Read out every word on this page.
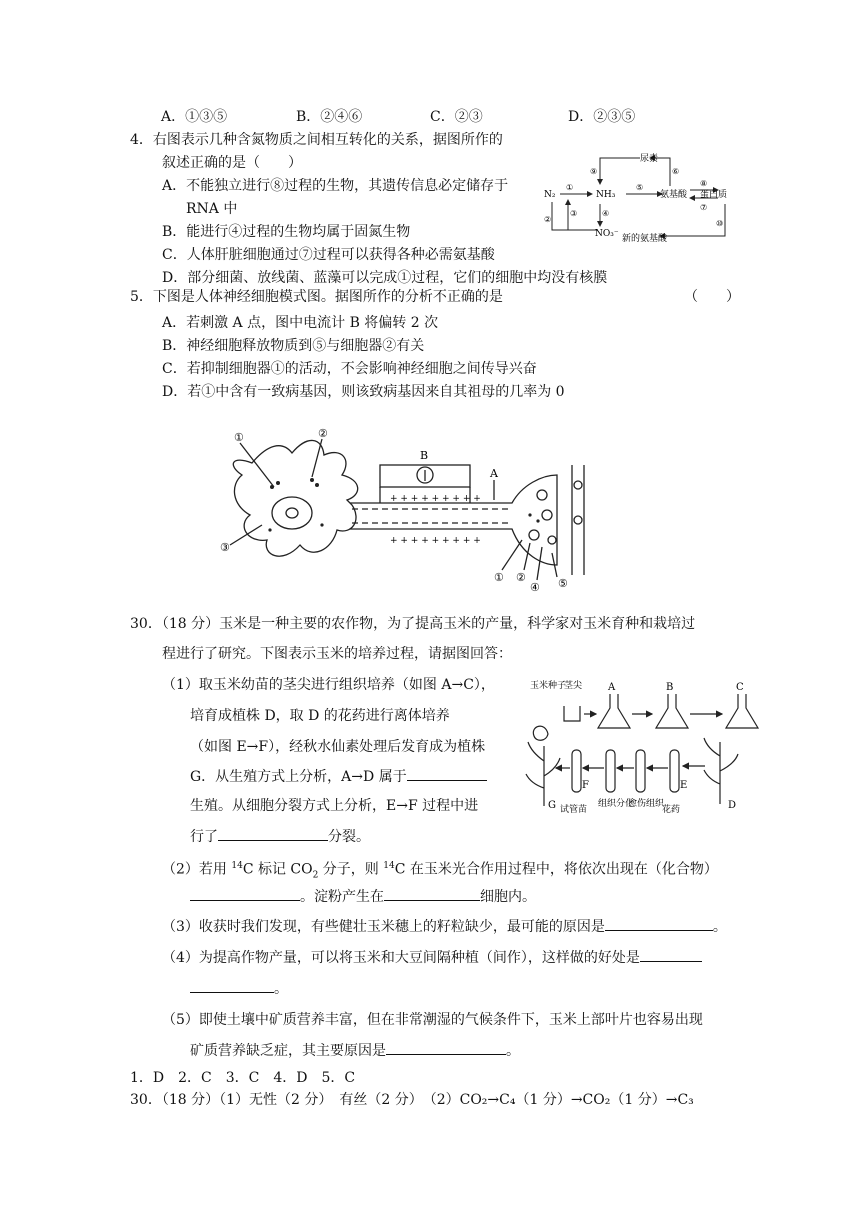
A．①③⑤	B．②④⑥	C．②③	D．②③⑤
4．右图表示几种含氮物质之间相互转化的关系，据图所作的
叙述正确的是（　　）
A．不能独立进行⑧过程的生物，其遗传信息必定储存于
RNA 中
B．能进行④过程的生物均属于固氮生物
C．人体肝脏细胞通过⑦过程可以获得各种必需氨基酸
D．部分细菌、放线菌、蓝藻可以完成①过程，它们的细胞中均没有核膜
尿素
N₂	NH₃	氨基酸 蛋白质
NO₃⁻ 新的氨基酸
①
②
③	④
⑤
⑥
⑦
⑧
⑨
⑩
5．下图是人体神经细胞模式图。据图所作的分析不正确的是	（　　）
A．若刺激 A 点，图中电流计 B 将偏转 2 次
B．神经细胞释放物质到⑤与细胞器②有关
C．若抑制细胞器①的活动，不会影响神经细胞之间传导兴奋
D．若①中含有一致病基因，则该致病基因来自其祖母的几率为 0
+ + + + + + + + +
+ + + + + + + + +
①	②
③
① ②
④ ⑤
B
A
30．（18 分）玉米是一种主要的农作物，为了提高玉米的产量，科学家对玉米育种和栽培过
程进行了研究。下图表示玉米的培养过程，请据图回答：
（1）取玉米幼苗的茎尖进行组织培养（如图 A→C），
培育成植株 D，取 D 的花药进行离体培养
（如图 E→F），经秋水仙素处理后发育成为植株
G．从生殖方式上分析，A→D 属于
生殖。从细胞分裂方式上分析，E→F 过程中进
行了	分裂。
玉米种子
茎尖	A	B	C
D
E
F
G 试管苗
组织分化
愈伤组织
花药
（2）若用 $^{14}$C 标记 $CO_2$ 分子，则 $^{14}$C 在玉米光合作用过程中，将依次出现在（化合物）
。淀粉产生在	细胞内。
（3）收获时我们发现，有些健壮玉米穗上的籽粒缺少，最可能的原因是	。
（4）为提高作物产量，可以将玉米和大豆间隔种植（间作），这样做的好处是
。
（5）即使土壤中矿质营养丰富，但在非常潮湿的气候条件下，玉米上部叶片也容易出现
矿质营养缺乏症，其主要原因是	。
1．D　2．C　3．C　4．D　5．C
30．（18 分）（1）无性（2 分）　有丝（2 分）　（2）CO₂→C₄（1 分）→CO₂（1 分）→C₃
